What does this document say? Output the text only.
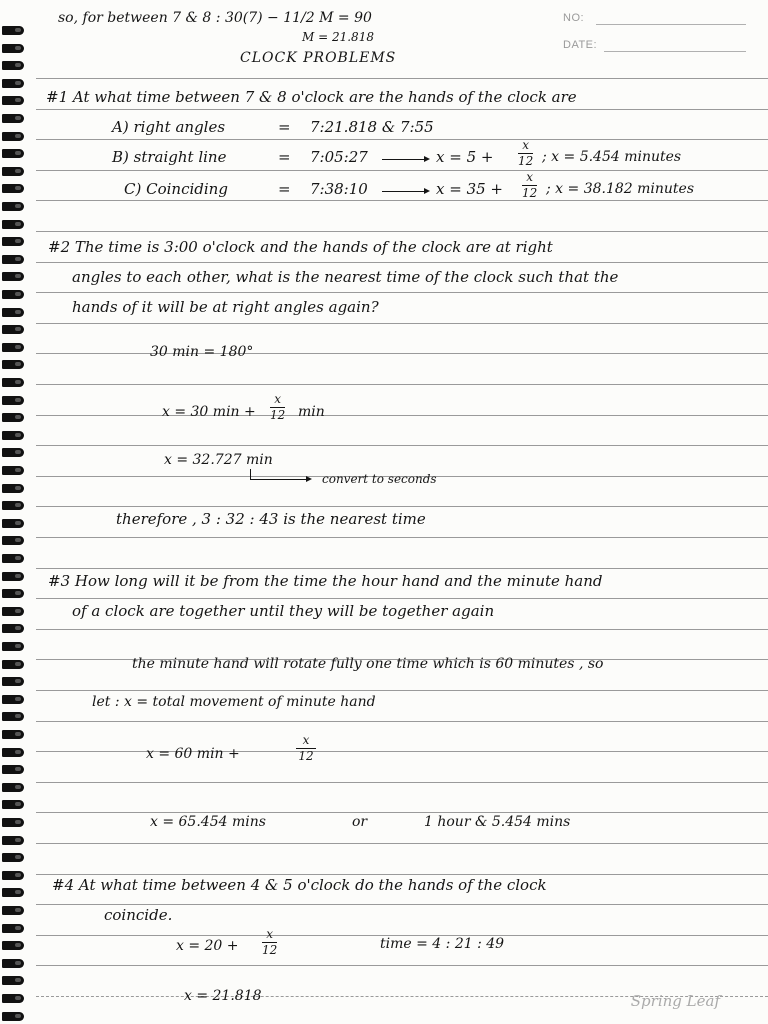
NO:
DATE:
so, for between 7 & 8 : 30(7) − 11/2 M = 90
M = 21.818
CLOCK PROBLEMS
#1 At what time between 7 & 8 o'clock are the hands of the clock are
A) right angles	= 7:21.818 & 7:55
B) straight line	= 7:05:27	x = 5 +
x
12 ; x = 5.454 minutes
C) Coinciding	= 7:38:10	x = 35 +
x
12 ; x = 38.182 minutes
#2 The time is 3:00 o'clock and the hands of the clock are at right
angles to each other, what is the nearest time of the clock such that the
hands of it will be at right angles again?
30 min = 180°
x = 30 min +
x
12 min
x = 32.727 min
convert to seconds
therefore , 3 : 32 : 43 is the nearest time
#3 How long will it be from the time the hour hand and the minute hand
of a clock are together until they will be together again
the minute hand will rotate fully one time which is 60 minutes , so
let : x = total movement of minute hand
x = 60 min +
x
12
x = 65.454 mins	or	1 hour & 5.454 mins
#4 At what time between 4 & 5 o'clock do the hands of the clock
coincide.
x = 20 +
x
12	time = 4 : 21 : 49
x = 21.818	Spring Leaf
